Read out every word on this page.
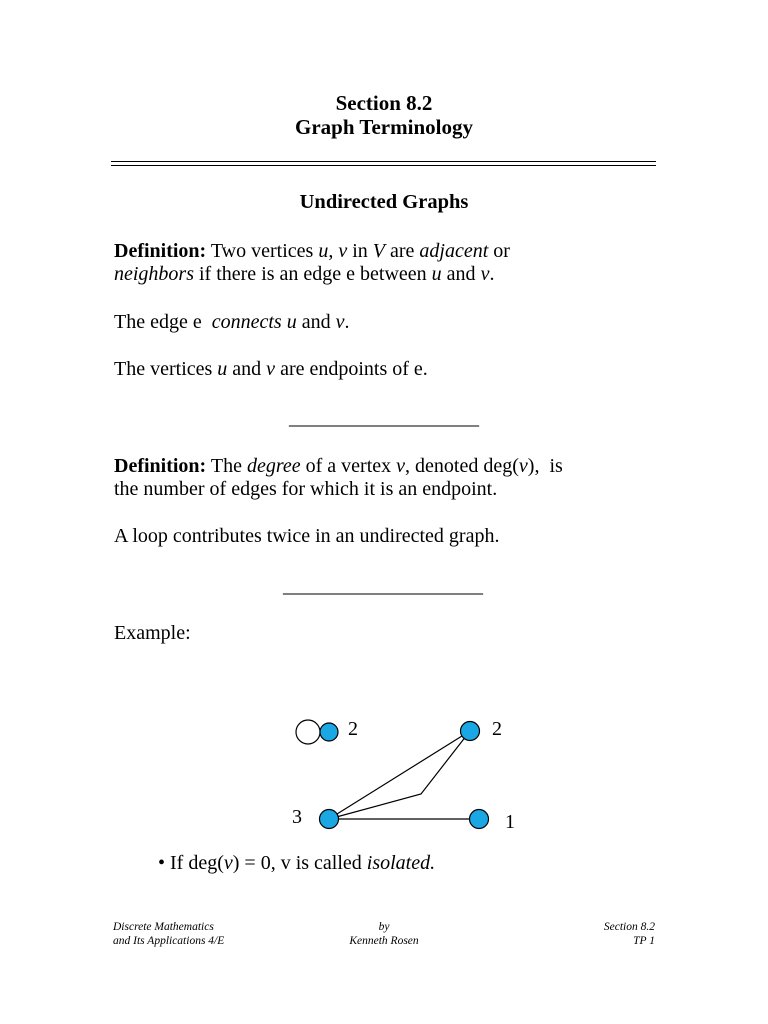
Section 8.2
Graph Terminology
Undirected Graphs
Definition: Two vertices u, v in V are adjacent or
neighbors if there is an edge e between u and v.
The edge e  connects u and v.
The vertices u and v are endpoints of e.
___________________
Definition: The degree of a vertex v, denoted deg(v),  is
the number of edges for which it is an endpoint.
A loop contributes twice in an undirected graph.
____________________
Example:
2	2
3	1
• If deg(v) = 0, v is called isolated.
Discrete Mathematics
and Its Applications 4/E
by
Kenneth Rosen
Section 8.2
TP 1
